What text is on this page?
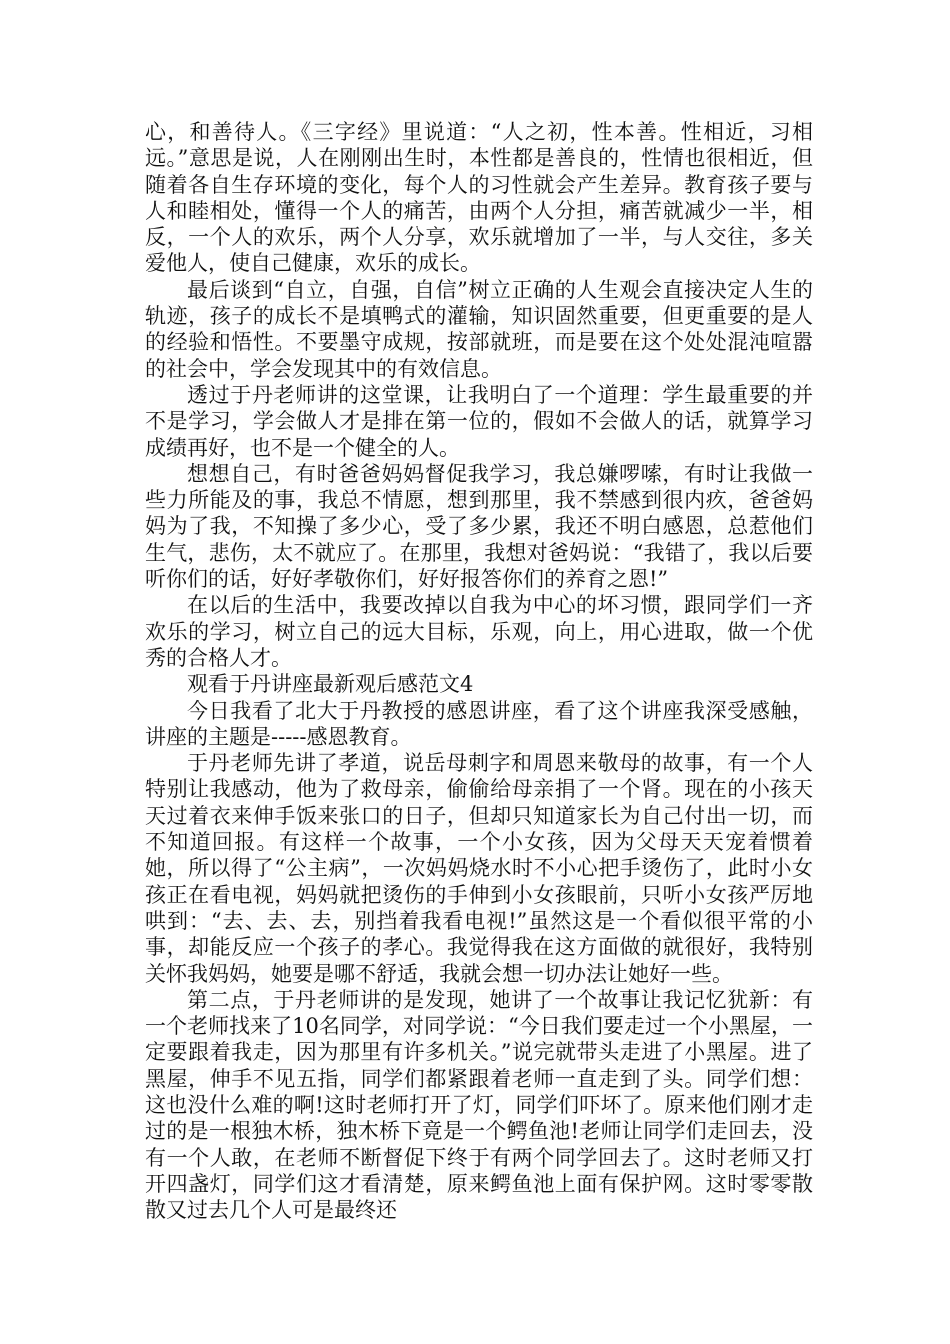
心，和善待人。《三字经》里说道：“人之初，性本善。性相近，习相远。”意思是说，人在刚刚出生时，本性都是善良的，性情也很相近，但随着各自生存环境的变化，每个人的习性就会产生差异。教育孩子要与人和睦相处，懂得一个人的痛苦，由两个人分担，痛苦就减少一半，相反，一个人的欢乐，两个人分享，欢乐就增加了一半，与人交往，多关爱他人，使自己健康，欢乐的成长。

最后谈到“自立，自强，自信”树立正确的人生观会直接决定人生的轨迹，孩子的成长不是填鸭式的灌输，知识固然重要，但更重要的是人的经验和悟性。不要墨守成规，按部就班，而是要在这个处处混沌喧嚣的社会中，学会发现其中的有效信息。

透过于丹老师讲的这堂课，让我明白了一个道理：学生最重要的并不是学习，学会做人才是排在第一位的，假如不会做人的话，就算学习成绩再好，也不是一个健全的人。

想想自己，有时爸爸妈妈督促我学习，我总嫌啰嗦，有时让我做一些力所能及的事，我总不情愿，想到那里，我不禁感到很内疚，爸爸妈妈为了我，不知操了多少心，受了多少累，我还不明白感恩，总惹他们生气，悲伤，太不就应了。在那里，我想对爸妈说：“我错了，我以后要听你们的话，好好孝敬你们，好好报答你们的养育之恩!”

在以后的生活中，我要改掉以自我为中心的坏习惯，跟同学们一齐欢乐的学习，树立自己的远大目标，乐观，向上，用心进取，做一个优秀的合格人才。

观看于丹讲座最新观后感范文4

今日我看了北大于丹教授的感恩讲座，看了这个讲座我深受感触，讲座的主题是-----感恩教育。

于丹老师先讲了孝道，说岳母刺字和周恩来敬母的故事，有一个人特别让我感动，他为了救母亲，偷偷给母亲捐了一个肾。现在的小孩天天过着衣来伸手饭来张口的日子，但却只知道家长为自己付出一切，而不知道回报。有这样一个故事，一个小女孩，因为父母天天宠着惯着她，所以得了“公主病”，一次妈妈烧水时不小心把手烫伤了，此时小女孩正在看电视，妈妈就把烫伤的手伸到小女孩眼前，只听小女孩严厉地哄到：“去、去、去，别挡着我看电视!”虽然这是一个看似很平常的小事，却能反应一个孩子的孝心。我觉得我在这方面做的就很好，我特别关怀我妈妈，她要是哪不舒适，我就会想一切办法让她好一些。

第二点，于丹老师讲的是发现，她讲了一个故事让我记忆犹新：有一个老师找来了10名同学，对同学说：“今日我们要走过一个小黑屋，一定要跟着我走，因为那里有许多机关。”说完就带头走进了小黑屋。进了黑屋，伸手不见五指，同学们都紧跟着老师一直走到了头。同学们想：这也没什么难的啊!这时老师打开了灯，同学们吓坏了。原来他们刚才走过的是一根独木桥，独木桥下竟是一个鳄鱼池!老师让同学们走回去，没有一个人敢，在老师不断督促下终于有两个同学回去了。这时老师又打开四盏灯，同学们这才看清楚，原来鳄鱼池上面有保护网。这时零零散散又过去几个人可是最终还
